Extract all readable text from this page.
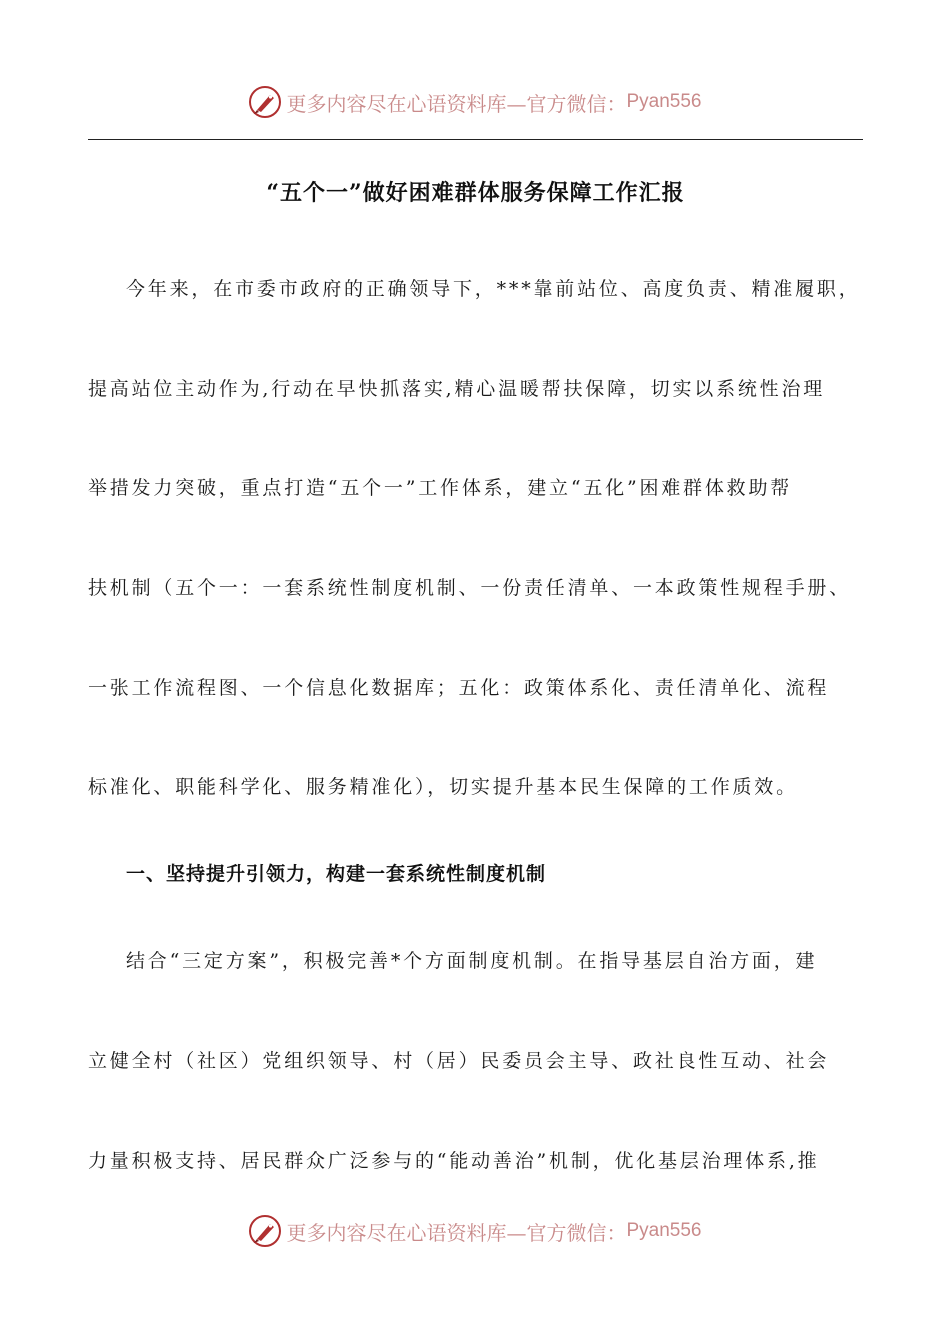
更多内容尽在心语资料库—官方微信： Pyan556
“五个一”做好困难群体服务保障工作汇报
今年来，在市委市政府的正确领导下，***靠前站位、高度负责、精准履职，
提高站位主动作为,行动在早快抓落实,精心温暖帮扶保障，切实以系统性治理
举措发力突破，重点打造“五个一”工作体系，建立“五化”困难群体救助帮
扶机制（五个一：一套系统性制度机制、一份责任清单、一本政策性规程手册、
一张工作流程图、一个信息化数据库；五化：政策体系化、责任清单化、流程
标准化、职能科学化、服务精准化），切实提升基本民生保障的工作质效。
一、坚持提升引领力，构建一套系统性制度机制
结合“三定方案”，积极完善*个方面制度机制。在指导基层自治方面，建
立健全村（社区）党组织领导、村（居）民委员会主导、政社良性互动、社会
力量积极支持、居民群众广泛参与的“能动善治”机制，优化基层治理体系,推
更多内容尽在心语资料库—官方微信： Pyan556
